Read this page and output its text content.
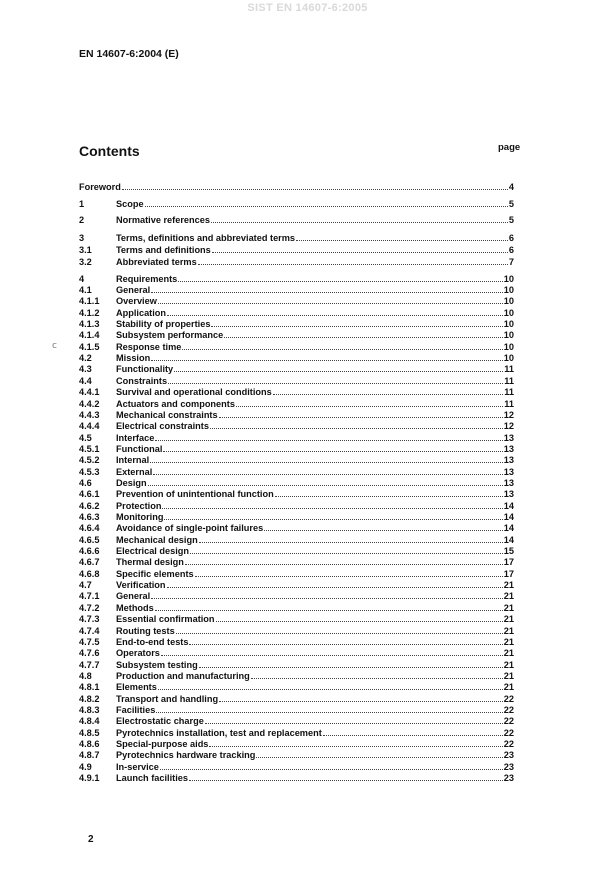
SIST EN 14607-6:2005
EN 14607-6:2004 (E)
Contents	page
ⅽ
Foreword	4
1	Scope	5
2	Normative references	5
3	Terms, definitions and abbreviated terms	6
3.1	Terms and definitions	6
3.2	Abbreviated terms	7
4	Requirements	10
4.1	General	10
4.1.1 Overview	10
4.1.2 Application	10
4.1.3 Stability of properties	10
4.1.4 Subsystem performance	10
4.1.5 Response time	10
4.2	Mission	10
4.3	Functionality	11
4.4	Constraints	11
4.4.1 Survival and operational conditions	11
4.4.2 Actuators and components	11
4.4.3 Mechanical constraints	12
4.4.4 Electrical constraints	12
4.5	Interface	13
4.5.1 Functional	13
4.5.2 Internal	13
4.5.3 External	13
4.6	Design	13
4.6.1 Prevention of unintentional function	13
4.6.2 Protection	14
4.6.3 Monitoring	14
4.6.4 Avoidance of single-point failures	14
4.6.5 Mechanical design	14
4.6.6 Electrical design	15
4.6.7 Thermal design	17
4.6.8 Specific elements	17
4.7	Verification	21
4.7.1 General	21
4.7.2 Methods	21
4.7.3 Essential confirmation	21
4.7.4 Routing tests	21
4.7.5 End-to-end tests	21
4.7.6 Operators	21
4.7.7 Subsystem testing	21
4.8	Production and manufacturing	21
4.8.1 Elements	21
4.8.2 Transport and handling	22
4.8.3 Facilities	22
4.8.4 Electrostatic charge	22
4.8.5 Pyrotechnics installation, test and replacement	22
4.8.6 Special-purpose aids	22
4.8.7 Pyrotechnics hardware tracking	23
4.9	In-service	23
4.9.1 Launch facilities	23
2
